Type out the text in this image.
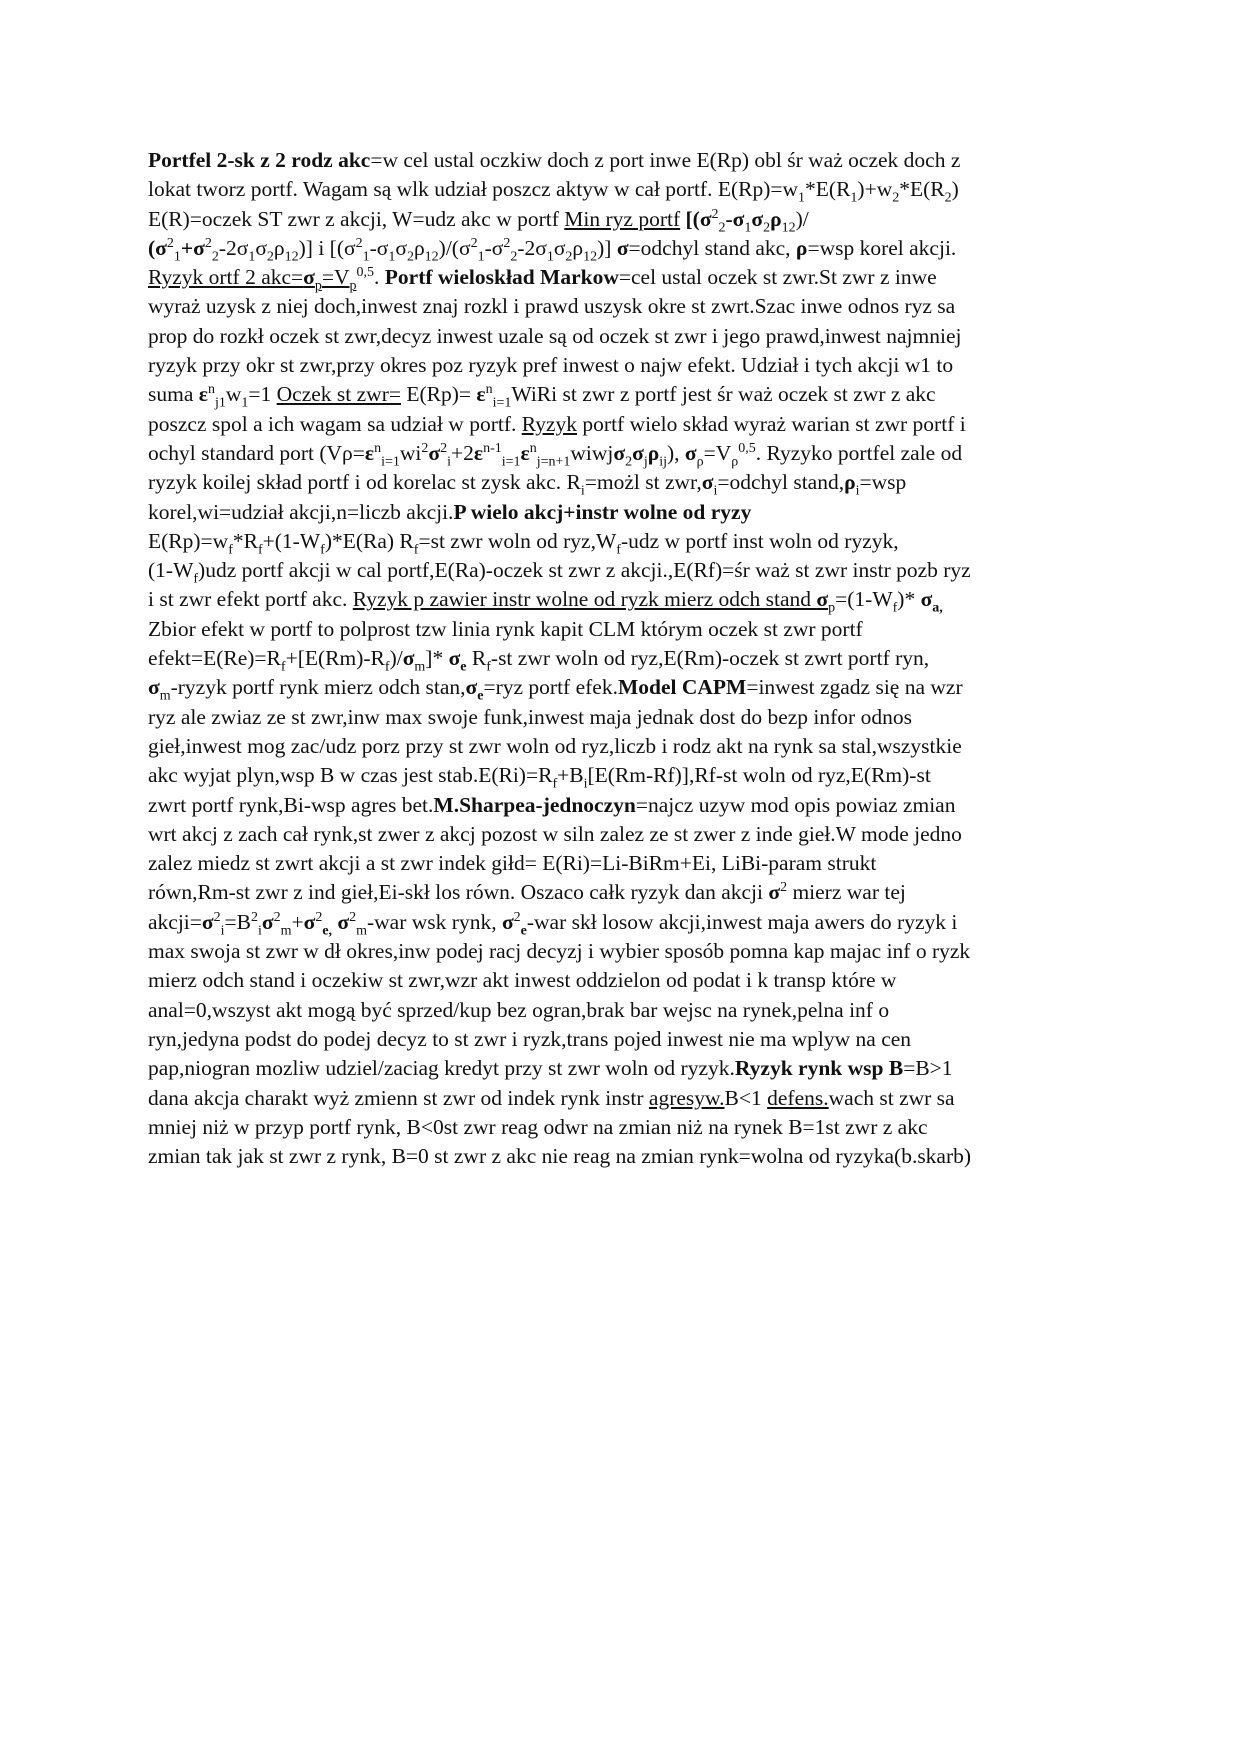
Portfel 2-sk z 2 rodz akc=w cel ustal oczkiw doch z port inwe E(Rp) obl śr waż oczek doch z
lokat tworz portf. Wagam są wlk udział poszcz aktyw w cał portf. $E(Rp)=w_1*E(R_1)+w_2*E(R_2)$
E(R)=oczek ST zwr z akcji, W=udz akc w portf Min ryz portf [$(\sigma^2_2-\sigma_1\sigma_2\rho_{12})/$
$(\sigma^2_1+\sigma^2_2-2\sigma_1\sigma_2\rho_{12})$] i $[(\sigma^2_1-\sigma_1\sigma_2\rho_{12})/(\sigma^2_1-\sigma^2_2-2\sigma_1\sigma_2\rho_{12})]$ σ=odchyl stand akc, ρ=wsp korel akcji.
Ryzyk ortf 2 $akc=\sigma_p=V_p^{0,5}$. Portf wieloskład Markow=cel ustal oczek st zwr.St zwr z inwe
wyraż uzysk z niej doch,inwest znaj rozkl i prawd uszysk okre st zwrt.Szac inwe odnos ryz sa
prop do rozkł oczek st zwr,decyz inwest uzale są od oczek st zwr i jego prawd,inwest najmniej
ryzyk przy okr st zwr,przy okres poz ryzyk pref inwest o najw efekt. Udział i tych akcji w1 to
suma $\varepsilon^n_{j1}w_1=1$ Oczek st $zwr= E(Rp)= \varepsilon^n_{i=1}WiRi$ st zwr z portf jest śr waż oczek st zwr z akc
poszcz spol a ich wagam sa udział w portf. Ryzyk portf wielo skład wyraż warian st zwr portf i
ochyl standard port $(V\rho=\varepsilon^n_{i=1}wi^2\sigma^2_i+2\varepsilon^{n-1}_{i=1}\varepsilon^n_{j=n+1}wiwj\sigma_2\sigma_j\rho_{ij})$, $\sigma_\rho=V_\rho^{0,5}$. Ryzyko portfel zale od
ryzyk koilej skład portf i od korelac st zysk akc. $R_i=możl$ st $zwr,\sigma_i=odchyl$ $stand,\rho_i=wsp$
korel,wi=udział akcji,n=liczb akcji.P wielo akcj+instr wolne od ryzy
$E(Rp)=w_f*R_f+(1-W_f)*E(Ra)$ $R_f=st$ zwr woln od $ryz,W_f$-udz w portf inst woln od ryzyk,
$(1-W_f)udz$ portf akcji w cal portf,E(Ra)-oczek st zwr z akcji.,E(Rf)=śr waż st zwr instr pozb ryz
i st zwr efekt portf akc. Ryzyk p zawier instr wolne od ryzk mierz odch stand $\sigma_p=(1-W_f)*$ $\sigma_{a,}$
Zbior efekt w portf to polprost tzw linia rynk kapit CLM którym oczek st zwr portf
$efekt=E(Re)=R_f+[E(Rm)-R_f)/\sigma_m]*$ $\sigma_e$ $R_f-st$ zwr woln od ryz,E(Rm)-oczek st zwrt portf ryn,
$\sigma_m$-ryzyk portf rynk mierz odch $stan,\sigma_e=ryz$ portf efek.Model CAPM=inwest zgadz się na wzr
ryz ale zwiaz ze st zwr,inw max swoje funk,inwest maja jednak dost do bezp infor odnos
gieł,inwest mog zac/udz porz przy st zwr woln od ryz,liczb i rodz akt na rynk sa stal,wszystkie
akc wyjat plyn,wsp B w czas jest $stab.E(Ri)=R_f+B_i[E(Rm-Rf)],Rf-st$ woln od ryz,E(Rm)-st
zwrt portf rynk,Bi-wsp agres bet.M.Sharpea-jednoczyn=najcz uzyw mod opis powiaz zmian
wrt akcj z zach cał rynk,st zwer z akcj pozost w siln zalez ze st zwer z inde gieł.W mode jedno
zalez miedz st zwrt akcji a st zwr indek giłd= E(Ri)=Li-BiRm+Ei, LiBi-param strukt
równ,Rm-st zwr z ind gieł,Ei-skł los równ. Oszaco całk ryzyk dan akcji $\sigma^2$ mierz war tej
$akcji=\sigma^2_i=B^2_i\sigma^2_m+\sigma^2_{e,}$ $\sigma^2_m$-war wsk rynk, $\sigma^2_e$-war skł losow akcji,inwest maja awers do ryzyk i
max swoja st zwr w dł okres,inw podej racj decyzj i wybier sposób pomna kap majac inf o ryzk
mierz odch stand i oczekiw st zwr,wzr akt inwest oddzielon od podat i k transp które w
anal=0,wszyst akt mogą być sprzed/kup bez ogran,brak bar wejsc na rynek,pelna inf o
ryn,jedyna podst do podej decyz to st zwr i ryzk,trans pojed inwest nie ma wplyw na cen
pap,niogran mozliw udziel/zaciag kredyt przy st zwr woln od ryzyk.Ryzyk rynk wsp B=B>1
dana akcja charakt wyż zmienn st zwr od indek rynk instr agresyw.B<1 defens.wach st zwr sa
mniej niż w przyp portf rynk, B<0st zwr reag odwr na zmian niż na rynek B=1st zwr z akc
zmian tak jak st zwr z rynk, B=0 st zwr z akc nie reag na zmian rynk=wolna od ryzyka(b.skarb)
